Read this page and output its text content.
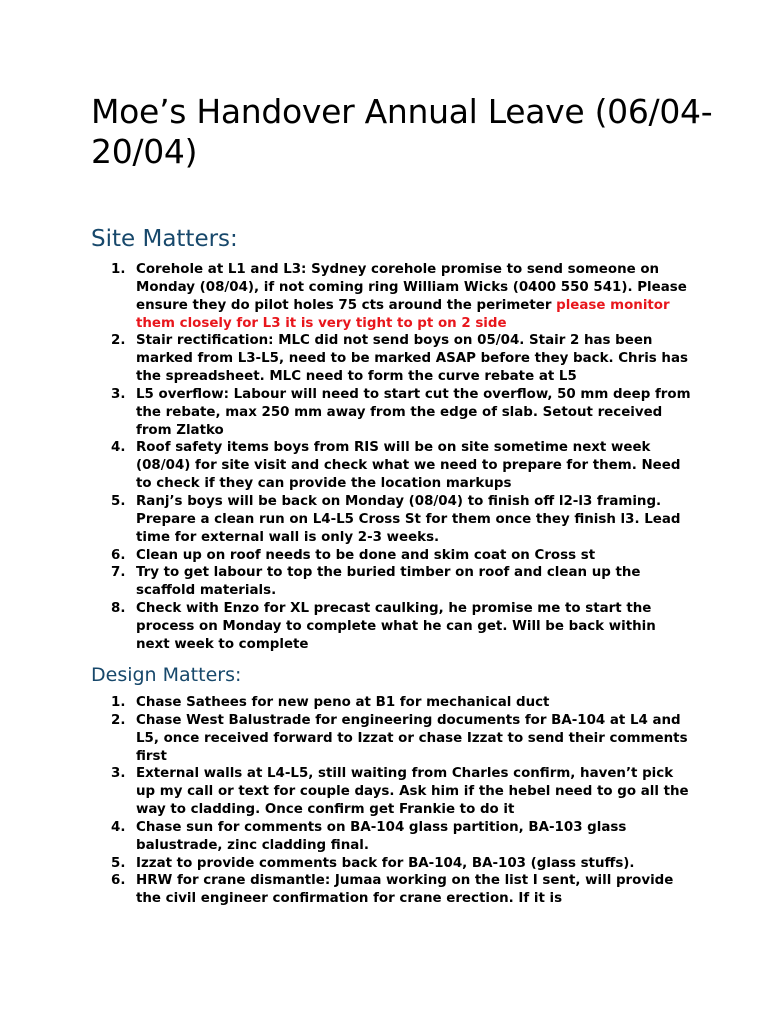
Moe’s Handover Annual Leave (06/04-20/04)
Site Matters:
1. Corehole at L1 and L3: Sydney corehole promise to send someone on Monday (08/04), if not coming ring William Wicks (0400 550 541). Please ensure they do pilot holes 75 cts around the perimeter please monitor them closely for L3 it is very tight to pt on 2 side
2. Stair rectification: MLC did not send boys on 05/04. Stair 2 has been marked from L3-L5, need to be marked ASAP before they back. Chris has the spreadsheet. MLC need to form the curve rebate at L5
3. L5 overflow: Labour will need to start cut the overflow, 50 mm deep from the rebate, max 250 mm away from the edge of slab. Setout received from Zlatko
4. Roof safety items boys from RIS will be on site sometime next week (08/04) for site visit and check what we need to prepare for them. Need to check if they can provide the location markups
5. Ranj’s boys will be back on Monday (08/04) to finish off l2-l3 framing. Prepare a clean run on L4-L5 Cross St for them once they finish l3. Lead time for external wall is only 2-3 weeks.
6. Clean up on roof needs to be done and skim coat on Cross st
7. Try to get labour to top the buried timber on roof and clean up the scaffold materials.
8. Check with Enzo for XL precast caulking, he promise me to start the process on Monday to complete what he can get. Will be back within next week to complete
Design Matters:
1. Chase Sathees for new peno at B1 for mechanical duct
2. Chase West Balustrade for engineering documents for BA-104 at L4 and L5, once received forward to Izzat or chase Izzat to send their comments first
3. External walls at L4-L5, still waiting from Charles confirm, haven’t pick up my call or text for couple days. Ask him if the hebel need to go all the way to cladding. Once confirm get Frankie to do it
4. Chase sun for comments on BA-104 glass partition, BA-103 glass balustrade, zinc cladding final.
5. Izzat to provide comments back for BA-104, BA-103 (glass stuffs).
6. HRW for crane dismantle: Jumaa working on the list I sent, will provide the civil engineer confirmation for crane erection. If it is
